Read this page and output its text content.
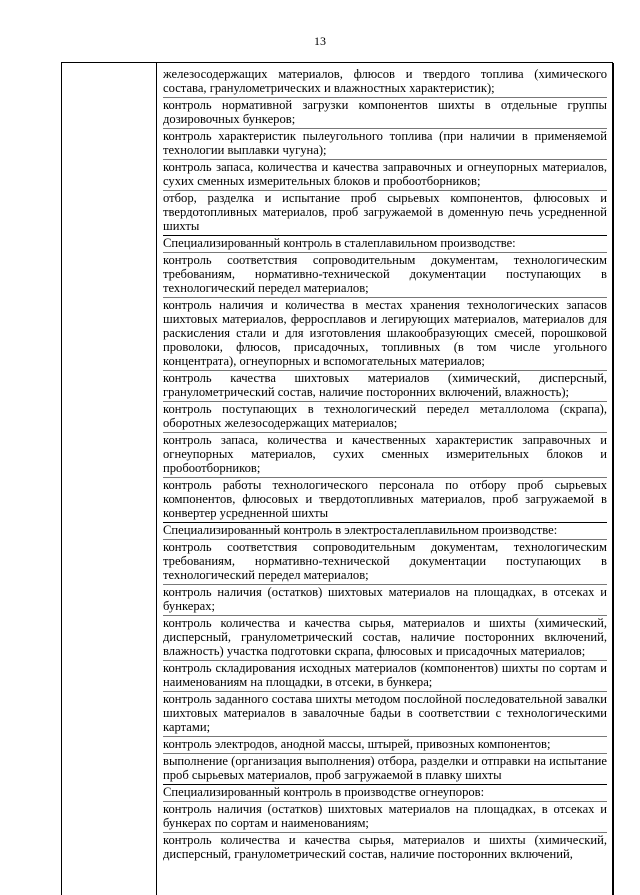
13

железосодержащих материалов, флюсов и твердого топлива (химического состава, гранулометрических и влажностных характеристик);

контроль нормативной загрузки компонентов шихты в отдельные группы дозировочных бункеров;

контроль характеристик пылеугольного топлива (при наличии в применяемой технологии выплавки чугуна);

контроль запаса, количества и качества заправочных и огнеупорных материалов, сухих сменных измерительных блоков и пробоотборников;

отбор, разделка и испытание проб сырьевых компонентов, флюсовых и твердотопливных материалов, проб загружаемой в доменную печь усредненной шихты

Специализированный контроль в сталеплавильном производстве:

контроль соответствия сопроводительным документам, технологическим требованиям, нормативно-технической документации поступающих в технологический передел материалов;

контроль наличия и количества в местах хранения технологических запасов шихтовых материалов, ферросплавов и легирующих материалов, материалов для раскисления стали и для изготовления шлакообразующих смесей, порошковой проволоки, флюсов, присадочных, топливных (в том числе угольного концентрата), огнеупорных и вспомогательных материалов;

контроль качества шихтовых материалов (химический, дисперсный, гранулометрический состав, наличие посторонних включений, влажность);

контроль поступающих в технологический передел металлолома (скрапа), оборотных железосодержащих материалов;

контроль запаса, количества и качественных характеристик заправочных и огнеупорных материалов, сухих сменных измерительных блоков и пробоотборников;

контроль работы технологического персонала по отбору проб сырьевых компонентов, флюсовых и твердотопливных материалов, проб загружаемой в конвертер усредненной шихты

Специализированный контроль в электросталеплавильном производстве:

контроль соответствия сопроводительным документам, технологическим требованиям, нормативно-технической документации поступающих в технологический передел материалов;

контроль наличия (остатков) шихтовых материалов на площадках, в отсеках и бункерах;

контроль количества и качества сырья, материалов и шихты (химический, дисперсный, гранулометрический состав, наличие посторонних включений, влажность) участка подготовки скрапа, флюсовых и присадочных материалов;

контроль складирования исходных материалов (компонентов) шихты по сортам и наименованиям на площадки, в отсеки, в бункера;

контроль заданного состава шихты методом послойной последовательной завалки шихтовых материалов в завалочные бадьи в соответствии с технологическими картами;

контроль электродов, анодной массы, штырей, привозных компонентов;

выполнение (организация выполнения) отбора, разделки и отправки на испытание проб сырьевых материалов, проб загружаемой в плавку шихты

Специализированный контроль в производстве огнеупоров:

контроль наличия (остатков) шихтовых материалов на площадках, в отсеках и бункерах по сортам и наименованиям;

контроль количества и качества сырья, материалов и шихты (химический, дисперсный, гранулометрический состав, наличие посторонних включений,
